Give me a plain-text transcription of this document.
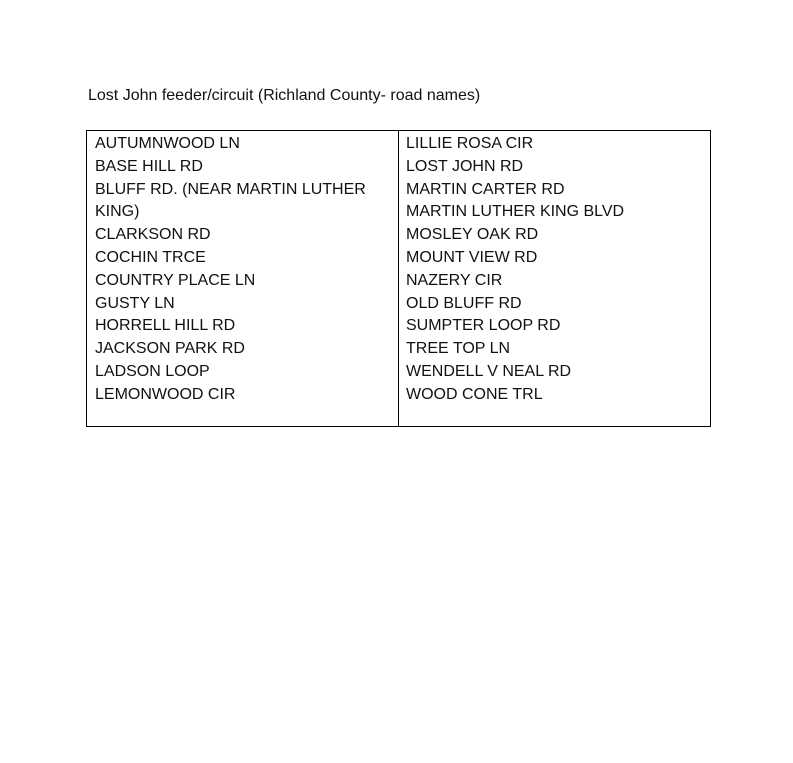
Lost John feeder/circuit (Richland County- road names)

AUTUMNWOOD LN

BASE HILL RD

BLUFF RD. (NEAR MARTIN LUTHER KING)

CLARKSON RD

COCHIN TRCE

COUNTRY PLACE LN

GUSTY LN

HORRELL HILL RD

JACKSON PARK RD

LADSON LOOP

LEMONWOOD CIR

LILLIE ROSA CIR

LOST JOHN RD

MARTIN CARTER RD

MARTIN LUTHER KING BLVD

MOSLEY OAK RD

MOUNT VIEW RD

NAZERY CIR

OLD BLUFF RD

SUMPTER LOOP RD

TREE TOP LN

WENDELL V NEAL RD

WOOD CONE TRL
